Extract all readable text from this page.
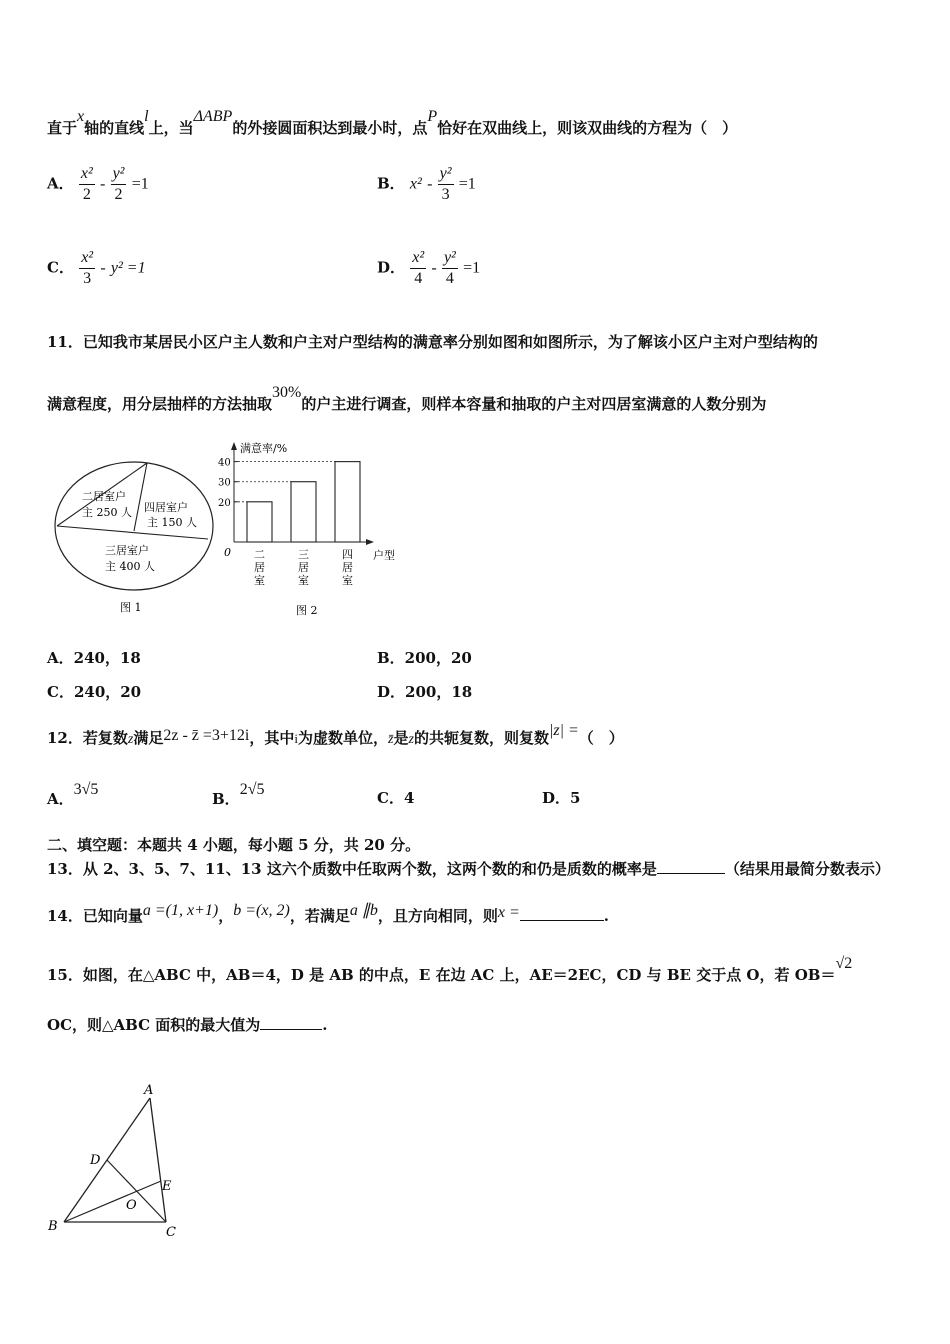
直于x轴的直线l上，当ΔABP的外接圆面积达到最小时，点P恰好在双曲线上，则该双曲线的方程为（　）
A． $\frac{\text{x²}}{2} - \frac{\text{y²}}{2} =1$	B． $x^2 - \frac{\text{y²}}{3} =1$
C． $\frac{\text{x²}}{3} - y^2 =1$	D． $\frac{\text{x²}}{4} - \frac{\text{y²}}{4} =1$
11．已知我市某居民小区户主人数和户主对户型结构的满意率分别如图和如图所示，为了解该小区户主对户型结构的
满意程度，用分层抽样的方法抽取30%的户主进行调查，则样本容量和抽取的户主对四居室满意的人数分别为
二居室户
主 250 人 四居室户
主 150 人
三居室户
主 400 人
图 1
满意率/%
户型
0
20
30
40
二
居
室
三
居
室
四
居
室
图 2
A．240，18	B．200，20
C．240，20	D．200，18
12．若复数z满足2z - z̄ =3+12i，其中i为虚数单位，z̄是z的共轭复数，则复数|z| =（　）
A．3√5
B．2√5	C．4	D．5
二、填空题：本题共 4 小题，每小题 5 分，共 20 分。
13．从 2、3、5、7、11、13 这六个质数中任取两个数，这两个数的和仍是质数的概率是	（结果用最简分数表示）
14．已知向量a =(1, x+1)，b =(x, 2)，若满足a ∥b，且方向相同，则x =	.
15．如图，在△ABC 中，AB＝4，D 是 AB 的中点，E 在边 AC 上，AE＝2EC，CD 与 BE 交于点 O，若 OB＝√2
OC，则△ABC 面积的最大值为	.
A
B	C
D
E
O
